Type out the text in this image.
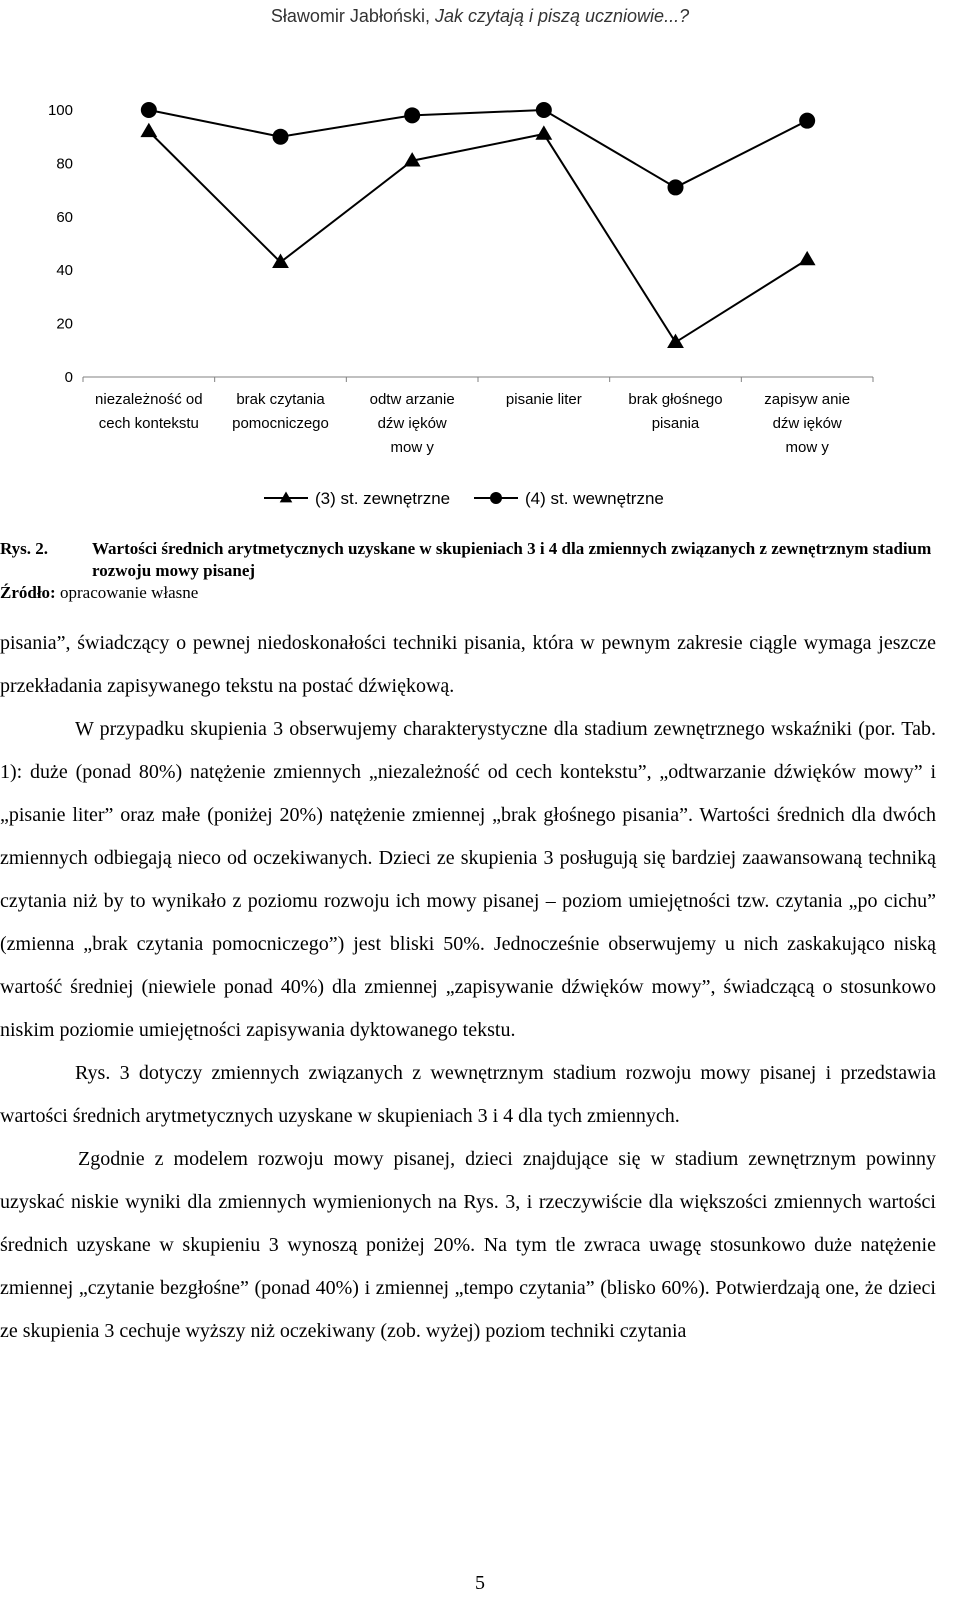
Sławomir Jabłoński, Jak czytają i piszą uczniowie...?
100
80
60
40
20
0
niezależność od cech kontekstu
brak czytania pomocniczego
odtw arzanie dźw ięków mow y
pisanie liter	brak głośnego pisania
zapisyw anie dźw ięków mow y
(3) st. zewnętrzne	(4) st. wewnętrzne
Rys. 2.	Wartości średnich arytmetycznych uzyskane w skupieniach 3 i 4 dla zmiennych związanych z zewnętrznym stadium rozwoju mowy pisanej
Źródło: opracowanie własne

pisania”, świadczący o pewnej niedoskonałości techniki pisania, która w pewnym zakresie ciągle wymaga jeszcze przekładania zapisywanego tekstu na postać dźwiękową.

W przypadku skupienia 3 obserwujemy charakterystyczne dla stadium zewnętrznego wskaźniki (por. Tab. 1): duże (ponad 80%) natężenie zmiennych „niezależność od cech kontekstu”, „odtwarzanie dźwięków mowy” i „pisanie liter” oraz małe (poniżej 20%) natężenie zmiennej „brak głośnego pisania”. Wartości średnich dla dwóch zmiennych odbiegają nieco od oczekiwanych. Dzieci ze skupienia 3 posługują się bardziej zaawansowaną techniką czytania niż by to wynikało z poziomu rozwoju ich mowy pisanej – poziom umiejętności tzw. czytania „po cichu” (zmienna „brak czytania pomocniczego”) jest bliski 50%. Jednocześnie obserwujemy u nich zaskakująco niską wartość średniej (niewiele ponad 40%) dla zmiennej „zapisywanie dźwięków mowy”, świadczącą o stosunkowo niskim poziomie umiejętności zapisywania dyktowanego tekstu.

Rys. 3 dotyczy zmiennych związanych z wewnętrznym stadium rozwoju mowy pisanej i przedstawia wartości średnich arytmetycznych uzyskane w skupieniach 3 i 4 dla tych zmiennych.

Zgodnie z modelem rozwoju mowy pisanej, dzieci znajdujące się w stadium zewnętrznym powinny uzyskać niskie wyniki dla zmiennych wymienionych na Rys. 3, i rzeczywiście dla większości zmiennych wartości średnich uzyskane w skupieniu 3 wynoszą poniżej 20%. Na tym tle zwraca uwagę stosunkowo duże natężenie zmiennej „czytanie bezgłośne” (ponad 40%) i zmiennej „tempo czytania” (blisko 60%). Potwierdzają one, że dzieci ze skupienia 3 cechuje wyższy niż oczekiwany (zob. wyżej) poziom techniki czytania

5
